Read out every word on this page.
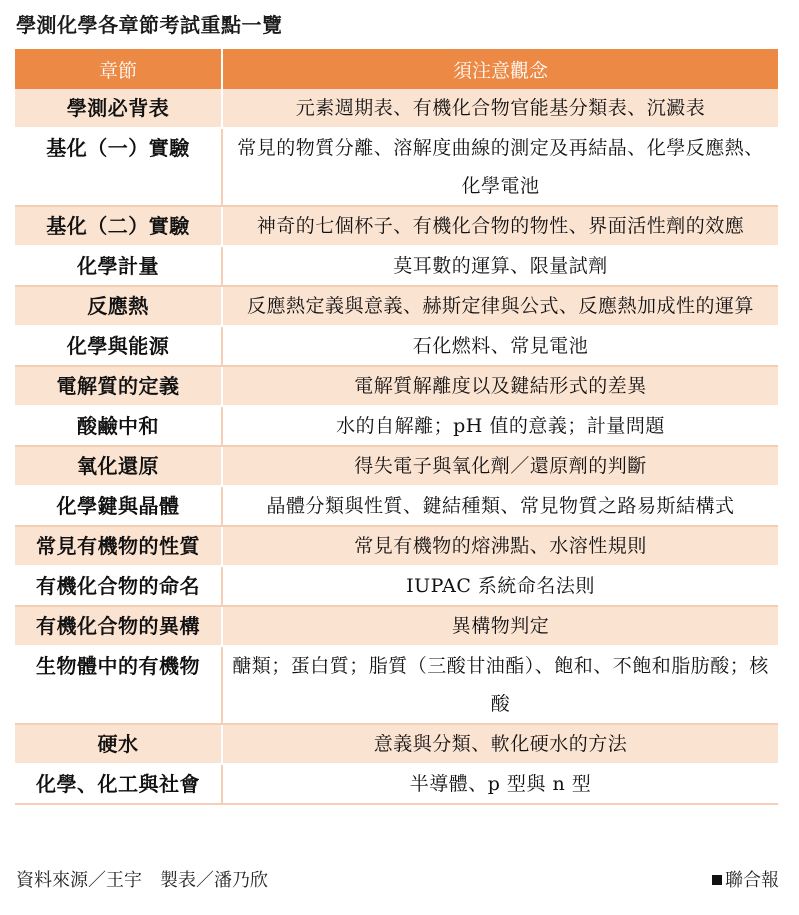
學測化學各章節考試重點一覽
章節	須注意觀念
學測必背表	元素週期表、有機化合物官能基分類表、沉澱表
基化（一）實驗	常見的物質分離、溶解度曲線的測定及再結晶、化學反應熱、化學電池
基化（二）實驗	神奇的七個杯子、有機化合物的物性、界面活性劑的效應
化學計量	莫耳數的運算、限量試劑
反應熱	反應熱定義與意義、赫斯定律與公式、反應熱加成性的運算
化學與能源	石化燃料、常見電池
電解質的定義	電解質解離度以及鍵結形式的差異
酸鹼中和	水的自解離；pH 值的意義；計量問題
氧化還原	得失電子與氧化劑／還原劑的判斷
化學鍵與晶體	晶體分類與性質、鍵結種類、常見物質之路易斯結構式
常見有機物的性質	常見有機物的熔沸點、水溶性規則
有機化合物的命名	IUPAC 系統命名法則
有機化合物的異構	異構物判定
生物體中的有機物	醣類；蛋白質；脂質（三酸甘油酯）、飽和、不飽和脂肪酸；核酸
硬水	意義與分類、軟化硬水的方法
化學、化工與社會	半導體、p 型與 n 型
資料來源／王宇　製表／潘乃欣	聯合報
